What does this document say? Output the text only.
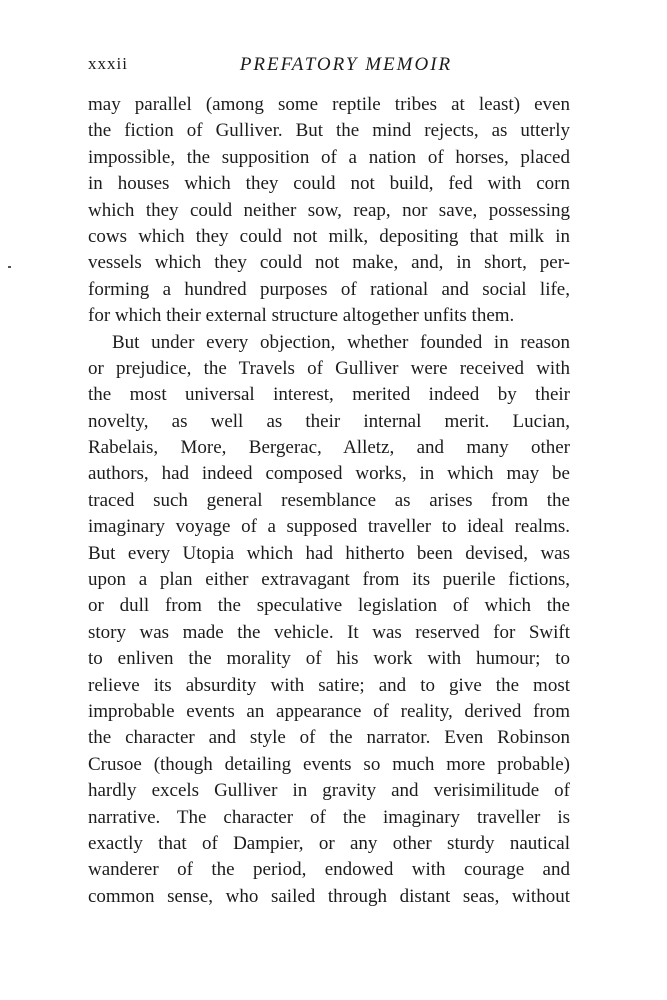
xxxii	PREFATORY MEMOIR
may parallel (among some reptile tribes at least) even
the fiction of Gulliver. But the mind rejects, as utterly
impossible, the supposition of a nation of horses, placed
in houses which they could not build, fed with corn
which they could neither sow, reap, nor save, possessing
cows which they could not milk, depositing that milk in
vessels which they could not make, and, in short, per-
forming a hundred purposes of rational and social life,
for which their external structure altogether unfits them.
But under every objection, whether founded in reason
or prejudice, the Travels of Gulliver were received with
the most universal interest, merited indeed by their
novelty, as well as their internal merit. Lucian,
Rabelais, More, Bergerac, Alletz, and many other
authors, had indeed composed works, in which may be
traced such general resemblance as arises from the
imaginary voyage of a supposed traveller to ideal realms.
But every Utopia which had hitherto been devised, was
upon a plan either extravagant from its puerile fictions,
or dull from the speculative legislation of which the
story was made the vehicle. It was reserved for Swift
to enliven the morality of his work with humour; to
relieve its absurdity with satire; and to give the most
improbable events an appearance of reality, derived from
the character and style of the narrator. Even Robinson
Crusoe (though detailing events so much more probable)
hardly excels Gulliver in gravity and verisimilitude of
narrative. The character of the imaginary traveller is
exactly that of Dampier, or any other sturdy nautical
wanderer of the period, endowed with courage and
common sense, who sailed through distant seas, without
